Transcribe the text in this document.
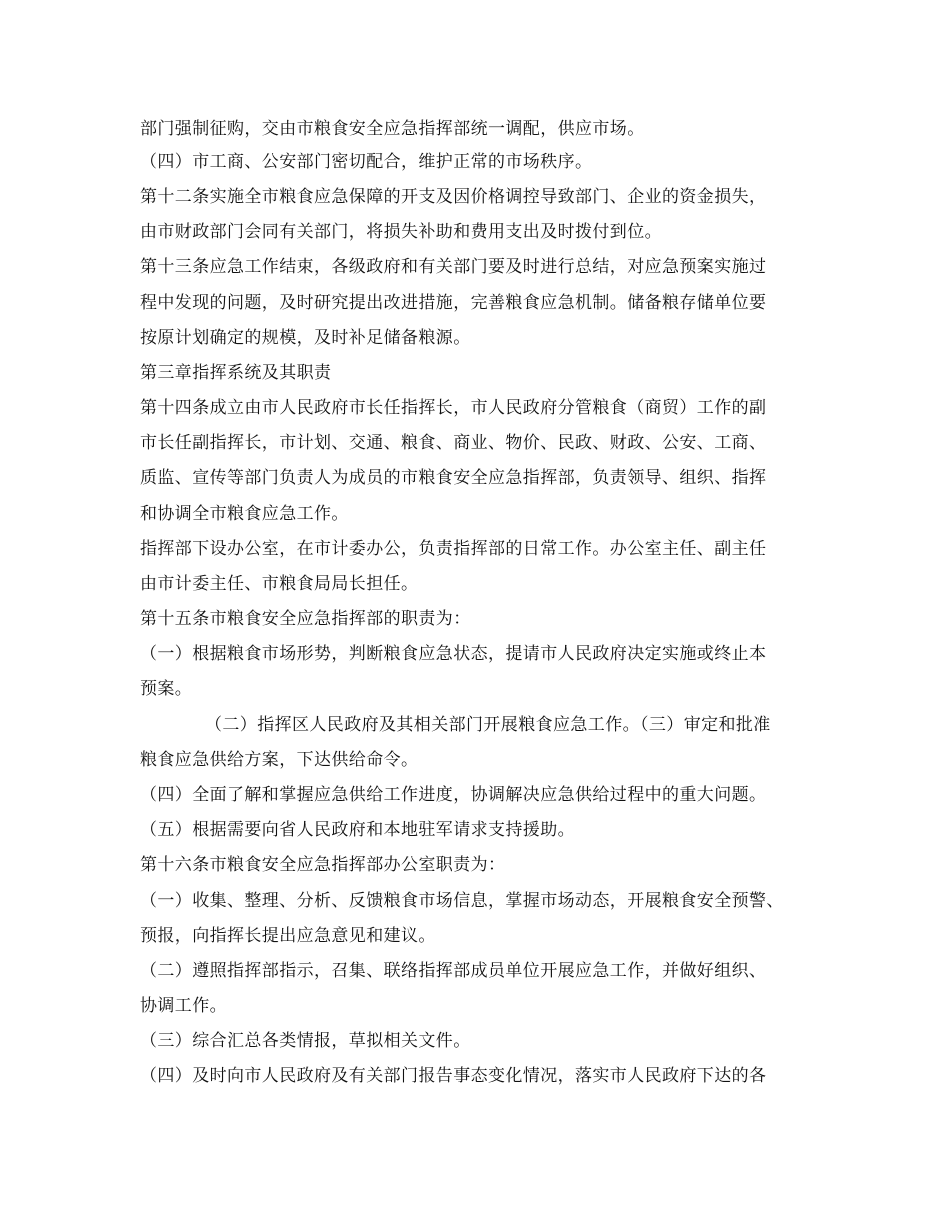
部门强制征购，交由市粮食安全应急指挥部统一调配，供应市场。
（四）市工商、公安部门密切配合，维护正常的市场秩序。
第十二条实施全市粮食应急保障的开支及因价格调控导致部门、企业的资金损失，
由市财政部门会同有关部门，将损失补助和费用支出及时拨付到位。
第十三条应急工作结束，各级政府和有关部门要及时进行总结，对应急预案实施过
程中发现的问题，及时研究提出改进措施，完善粮食应急机制。储备粮存储单位要
按原计划确定的规模，及时补足储备粮源。
第三章指挥系统及其职责
第十四条成立由市人民政府市长任指挥长，市人民政府分管粮食（商贸）工作的副
市长任副指挥长，市计划、交通、粮食、商业、物价、民政、财政、公安、工商、
质监、宣传等部门负责人为成员的市粮食安全应急指挥部，负责领导、组织、指挥
和协调全市粮食应急工作。
指挥部下设办公室，在市计委办公，负责指挥部的日常工作。办公室主任、副主任
由市计委主任、市粮食局局长担任。
第十五条市粮食安全应急指挥部的职责为：
（一）根据粮食市场形势，判断粮食应急状态，提请市人民政府决定实施或终止本
预案。
（二）指挥区人民政府及其相关部门开展粮食应急工作。（三）审定和批准
粮食应急供给方案，下达供给命令。
（四）全面了解和掌握应急供给工作进度，协调解决应急供给过程中的重大问题。
（五）根据需要向省人民政府和本地驻军请求支持援助。
第十六条市粮食安全应急指挥部办公室职责为：
（一）收集、整理、分析、反馈粮食市场信息，掌握市场动态，开展粮食安全预警、
预报，向指挥长提出应急意见和建议。
（二）遵照指挥部指示，召集、联络指挥部成员单位开展应急工作，并做好组织、
协调工作。
（三）综合汇总各类情报，草拟相关文件。
（四）及时向市人民政府及有关部门报告事态变化情况，落实市人民政府下达的各
